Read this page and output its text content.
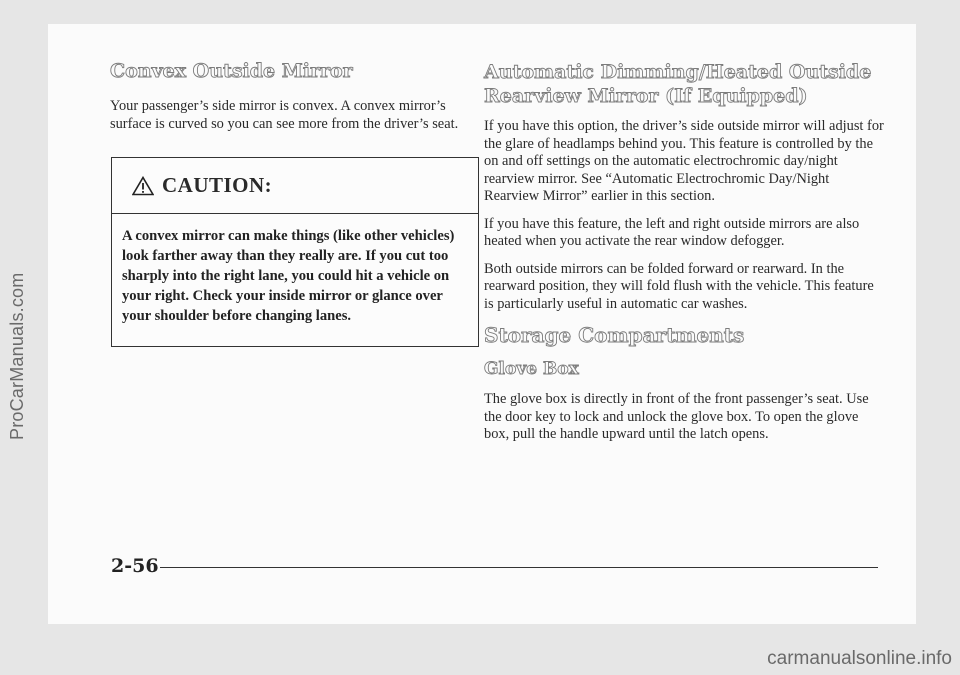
ProCarManuals.com
Convex Outside Mirror

Your passenger’s side mirror is convex. A convex mirror’s surface is curved so you can see more from the driver’s seat.

CAUTION:
A convex mirror can make things (like other vehicles) look farther away than they really are. If you cut too sharply into the right lane, you could hit a vehicle on your right. Check your inside mirror or glance over your shoulder before changing lanes.
Automatic Dimming/Heated Outside
Rearview Mirror (If Equipped)

If you have this option, the driver’s side outside mirror will adjust for the glare of headlamps behind you. This feature is controlled by the on and off settings on the automatic electrochromic day/night rearview mirror. See “Automatic Electrochromic Day/Night Rearview Mirror” earlier in this section.

If you have this feature, the left and right outside mirrors are also heated when you activate the rear window defogger.

Both outside mirrors can be folded forward or rearward. In the rearward position, they will fold flush with the vehicle. This feature is particularly useful in automatic car washes.

Storage Compartments
Glove Box

The glove box is directly in front of the front passenger’s seat. Use the door key to lock and unlock the glove box. To open the glove box, pull the handle upward until the latch opens.

2-56
carmanualsonline.info
